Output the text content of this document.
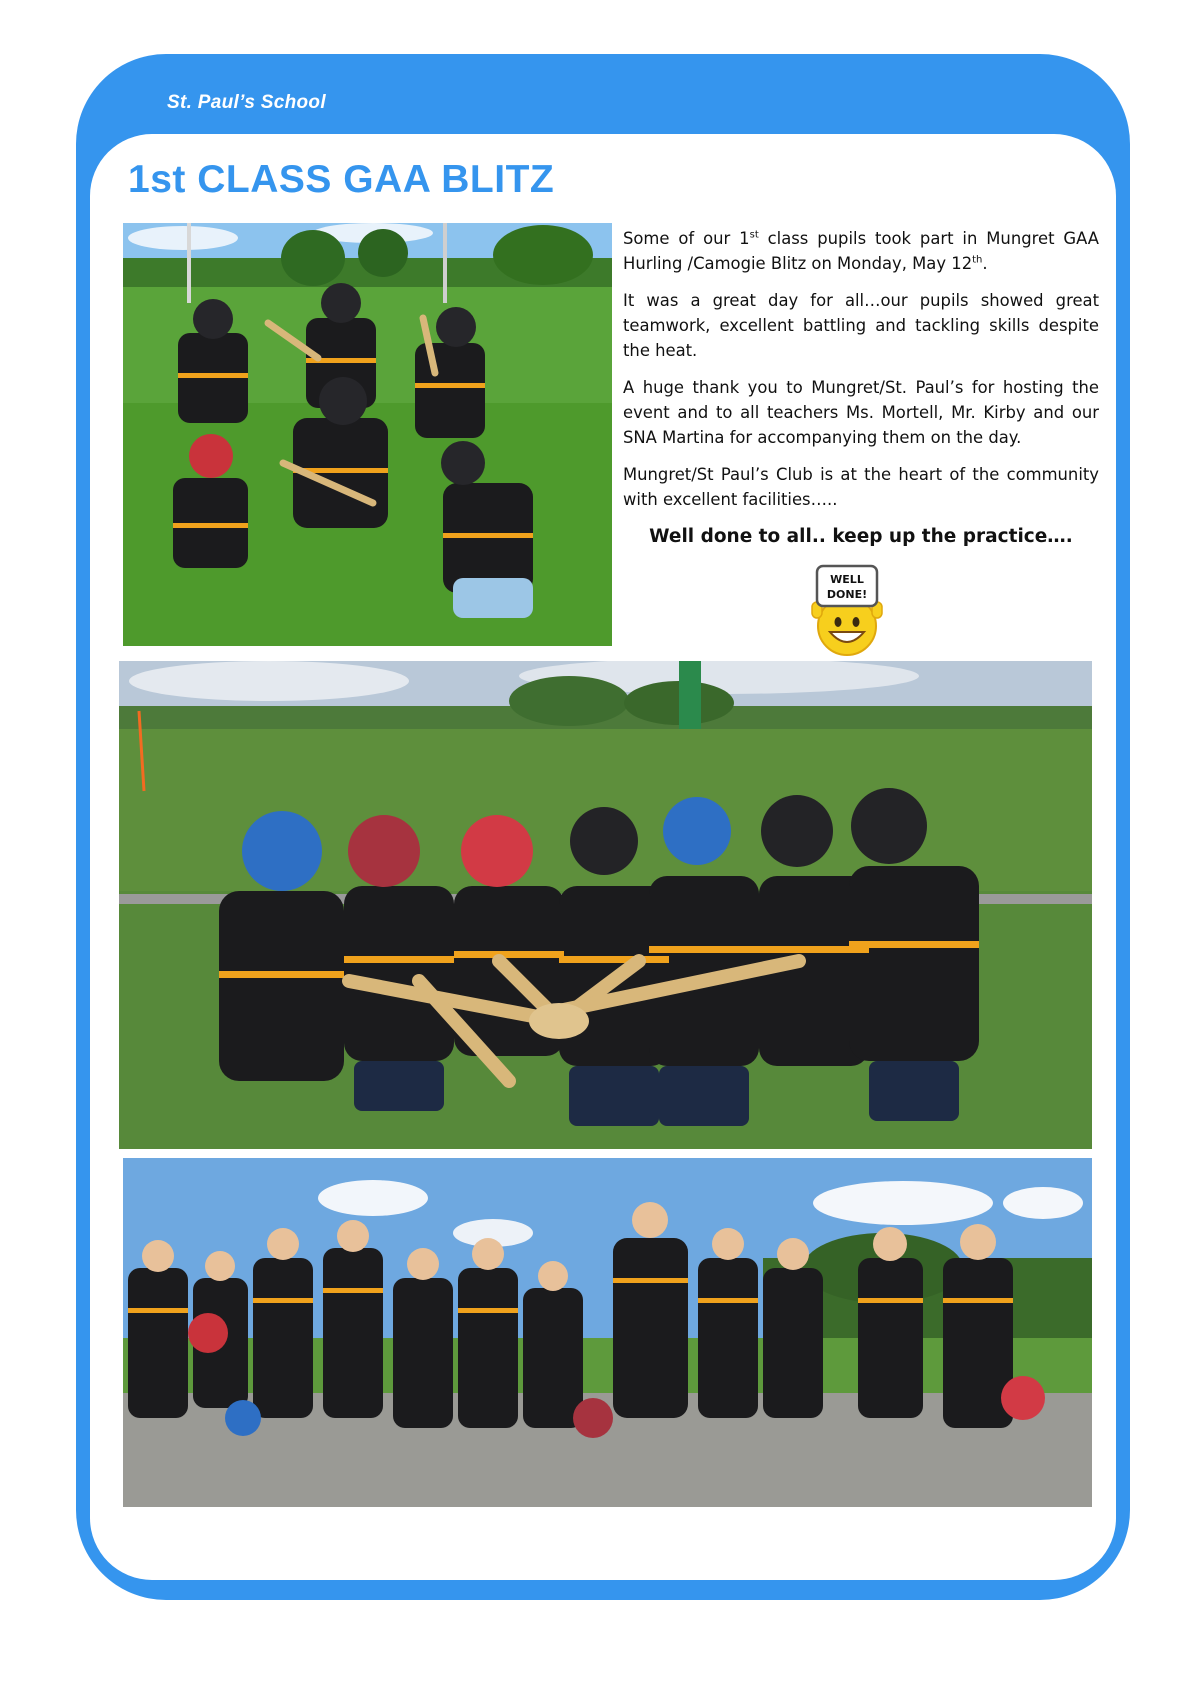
St. Paul’s School
1st CLASS GAA BLITZ

Some of our 1st class pupils took part in Mungret GAA Hurling /Camogie Blitz on Monday, May 12th.

It was a great day for all…our pupils showed great teamwork, excellent battling and tackling skills despite the heat.

A huge thank you to Mungret/St. Paul’s for hosting the event and to all teachers Ms. Mortell, Mr. Kirby and our SNA Martina for accompanying them on the day.

Mungret/St Paul’s Club is at the heart of the community with excellent facilities…..

Well done to all.. keep up the practice….
WELL
DONE!
